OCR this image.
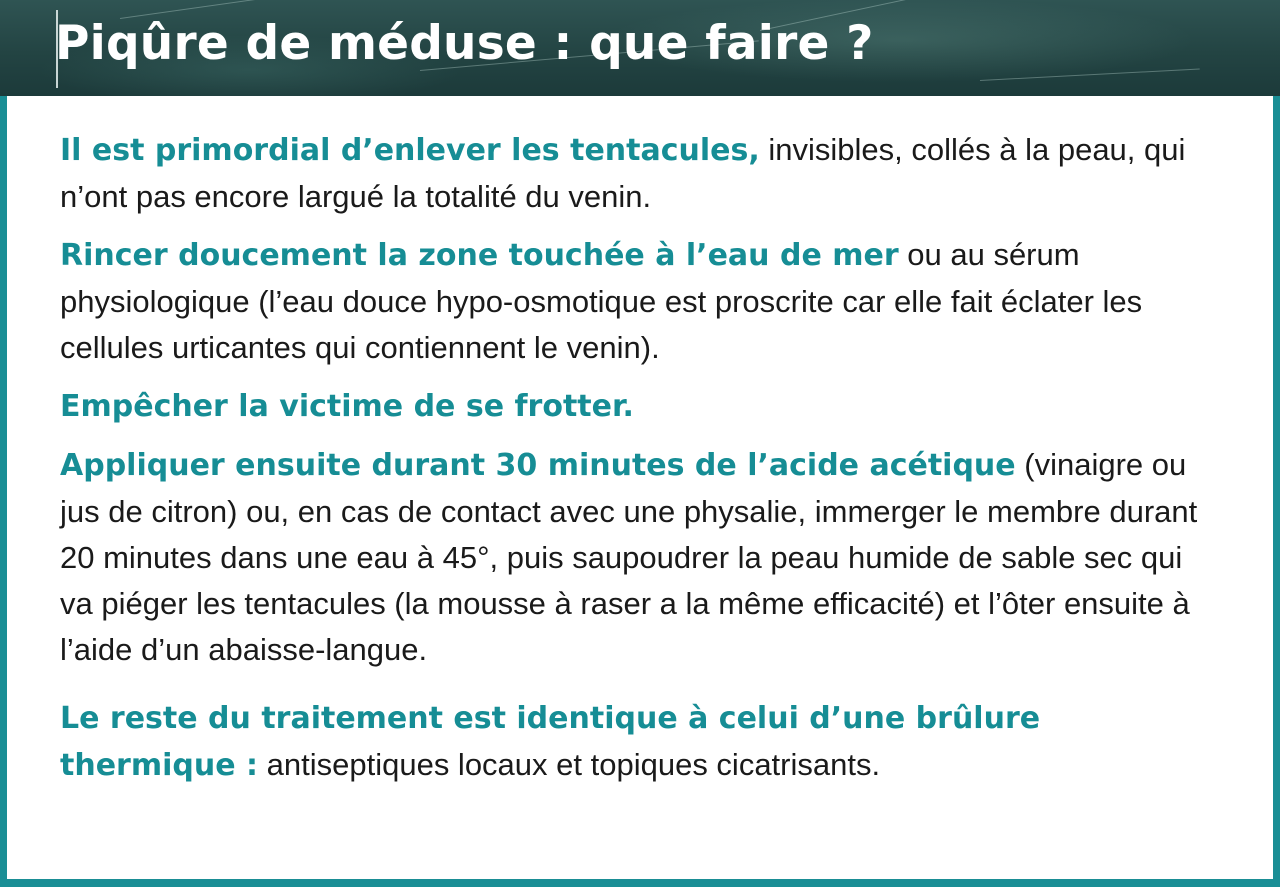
Piqûre de méduse : que faire ?

Il est primordial d’enlever les tentacules, invisibles, collés à la peau, qui n’ont pas encore largué la totalité du venin.

Rincer doucement la zone touchée à l’eau de mer ou au sérum physiologique (l’eau douce hypo-osmotique est proscrite car elle fait éclater les cellules urticantes qui contiennent le venin).

Empêcher la victime de se frotter.

Appliquer ensuite durant 30 minutes de l’acide acétique (vinaigre ou jus de citron) ou, en cas de contact avec une physalie, immerger le membre durant 20 minutes dans une eau à 45°, puis saupoudrer la peau humide de sable sec qui va piéger les tentacules (la mousse à raser a la même efficacité) et l’ôter ensuite à l’aide d’un abaisse-langue.

Le reste du traitement est identique à celui d’une brûlure thermique : antiseptiques locaux et topiques cicatrisants.
